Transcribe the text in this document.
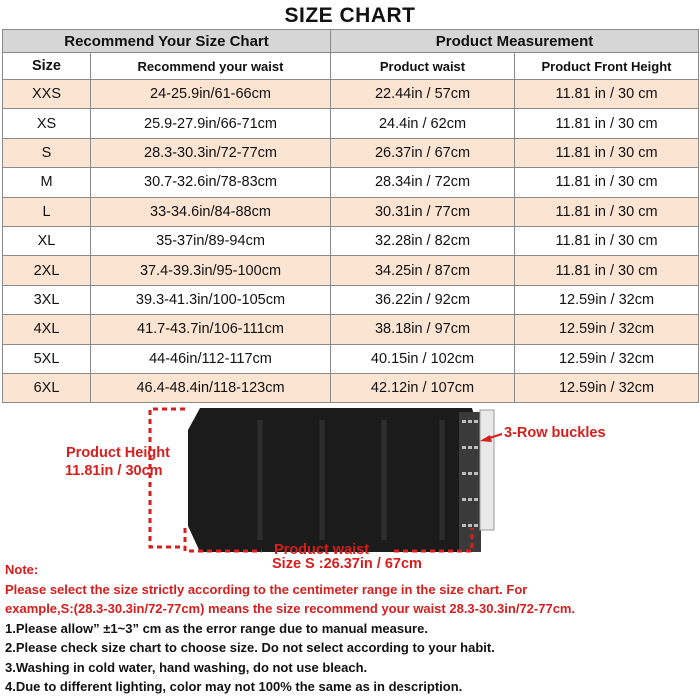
SIZE CHART
Recommend Your Size Chart		Product Measurement	
Size	Recommend your waist	Product waist	Product Front Height
XXS	24-25.9in/61-66cm	22.44in / 57cm	11.81 in / 30 cm
XS	25.9-27.9in/66-71cm	24.4in / 62cm	11.81 in / 30 cm
S	28.3-30.3in/72-77cm	26.37in / 67cm	11.81 in / 30 cm
M	30.7-32.6in/78-83cm	28.34in / 72cm	11.81 in / 30 cm
L	33-34.6in/84-88cm	30.31in / 77cm	11.81 in / 30 cm
XL	35-37in/89-94cm	32.28in / 82cm	11.81 in / 30 cm
2XL	37.4-39.3in/95-100cm	34.25in / 87cm	11.81 in / 30 cm
3XL	39.3-41.3in/100-105cm	36.22in / 92cm	12.59in / 32cm
4XL	41.7-43.7in/106-111cm	38.18in / 97cm	12.59in / 32cm
5XL	44-46in/112-117cm	40.15in / 102cm	12.59in / 32cm
6XL	46.4-48.4in/118-123cm	42.12in / 107cm	12.59in / 32cm
Product Height
11.81in / 30cm
Product waist
3-Row buckles
Size S :26.37in / 67cm
Note:
Please select the size strictly according to the centimeter range in the size chart. For
example,S:(28.3-30.3in/72-77cm) means the size recommend your waist 28.3-30.3in/72-77cm.
1.Please allow” ±1~3” cm as the error range due to manual measure.
2.Please check size chart to choose size. Do not select according to your habit.
3.Washing in cold water, hand washing, do not use bleach.
4.Due to different lighting, color may not 100% the same as in description.
